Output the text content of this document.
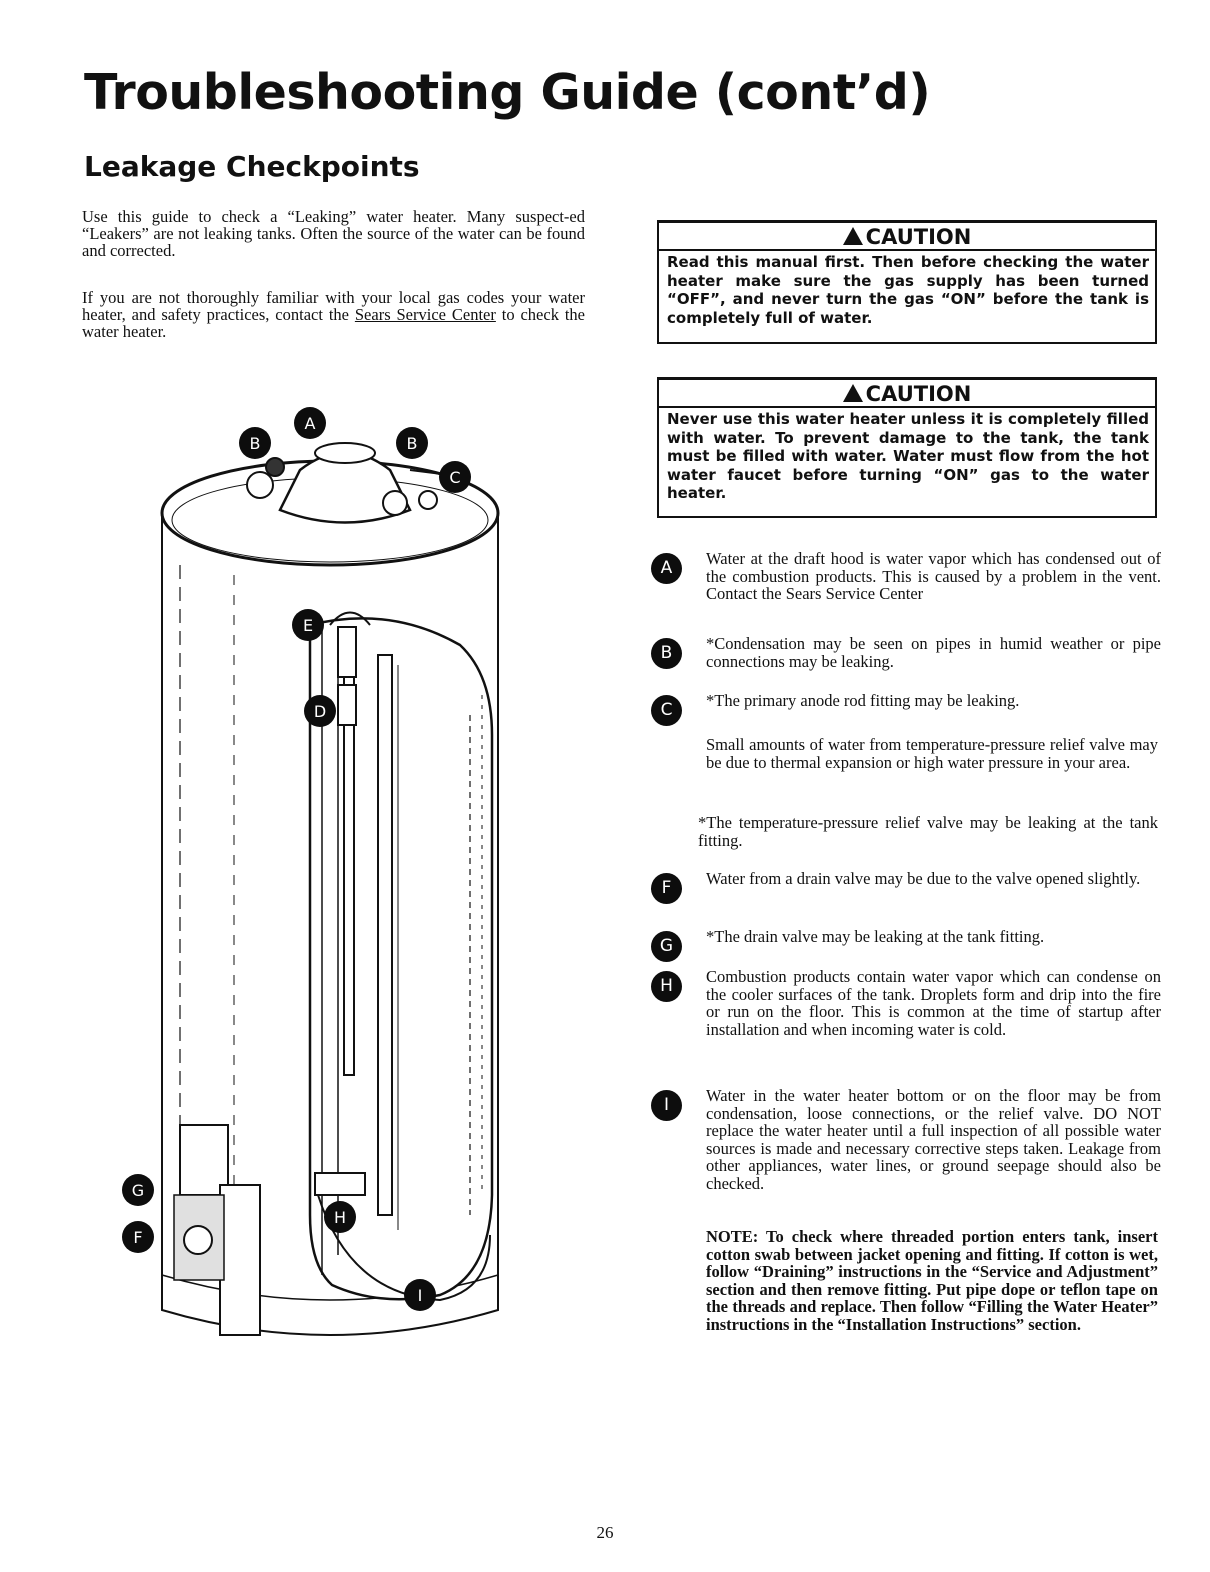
Troubleshooting Guide (cont’d)
Leakage Checkpoints

Use this guide to check a “Leaking” water heater. Many suspect-ed “Leakers” are not leaking tanks. Often the source of the water can be found and corrected.

If you are not thoroughly familiar with your local gas codes your water heater, and safety practices, contact the Sears Service Center to check the water heater.

CAUTION
Read this manual first. Then before checking the water heater make sure the gas supply has been turned “OFF”, and never turn the gas “ON” before the tank is completely full of water.
CAUTION
Never use this water heater unless it is completely filled with water. To prevent damage to the tank, the tank must be filled with water. Water must flow from the hot water faucet before turning “ON” gas to the water heater.
A	Water at the draft hood is water vapor which has condensed out of the combustion products. This is caused by a problem in the vent. Contact the Sears Service Center
B	*Condensation may be seen on pipes in humid weather or pipe connections may be leaking.
C	*The primary anode rod fitting may be leaking.

Small amounts of water from temperature-pressure relief valve may be due to thermal expansion or high water pressure in your area.

*The temperature-pressure relief valve may be leaking at the tank fitting.

F	Water from a drain valve may be due to the valve opened slightly.
G	*The drain valve may be leaking at the tank fitting.
H	Combustion products contain water vapor which can condense on the cooler surfaces of the tank. Droplets form and drip into the fire or run on the floor. This is common at the time of startup after installation and when incoming water is cold.
I	Water in the water heater bottom or on the floor may be from condensation, loose connections, or the relief valve. DO NOT replace the water heater until a full inspection of all possible water sources is made and necessary corrective steps taken. Leakage from other appliances, water lines, or ground seepage should also be checked.

NOTE: To check where threaded portion enters tank, insert cotton swab between jacket opening and fitting. If cotton is wet, follow “Draining” instructions in the “Service and Adjustment” section and then remove fitting. Put pipe dope or teflon tape on the threads and replace. Then follow “Filling the Water Heater” instructions in the “Installation Instructions” section.

A
B	B
C
E
D
G
F
H
I
26
